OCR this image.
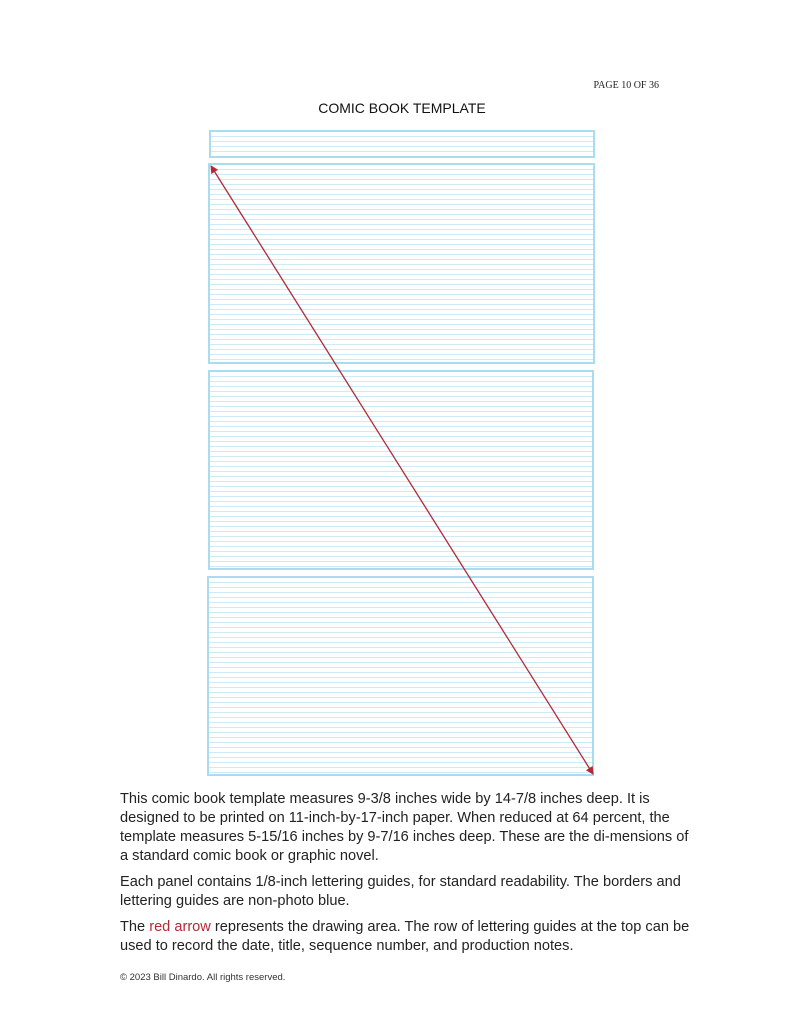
PAGE 10 OF 36
COMIC BOOK TEMPLATE

This comic book template measures 9-3/8 inches wide by 14-7/8 inches deep. It is designed to be printed on 11-inch-by-17-inch paper. When reduced at 64 percent, the template measures 5-15/16 inches by 9-7/16 inches deep. These are the di-mensions of a standard comic book or graphic novel.

Each panel contains 1/8-inch lettering guides, for standard readability. The borders and lettering guides are non-photo blue.

The red arrow represents the drawing area. The row of lettering guides at the top can be used to record the date, title, sequence number, and production notes.

© 2023 Bill Dinardo. All rights reserved.
